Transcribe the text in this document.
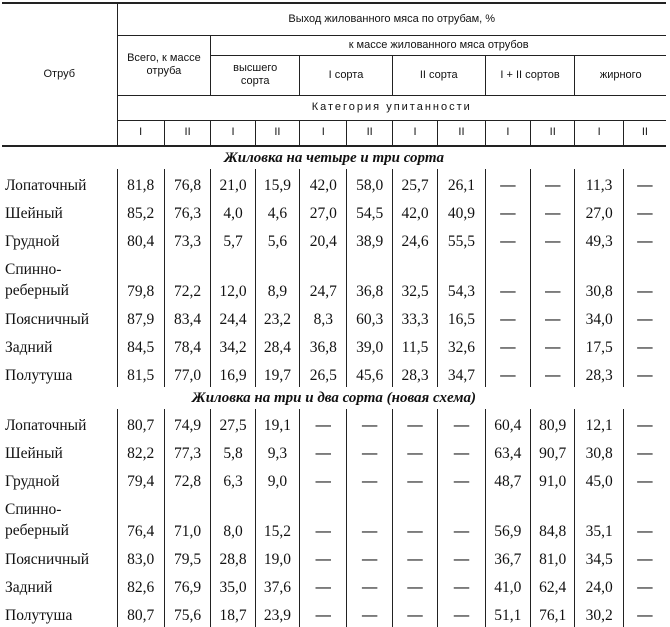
Отруб	Выход жилованного мяса по отрубам, %											
	Всего, к массе отруба		к массе жилованного мяса отрубов									
			высшего сорта		I сорта		II сорта		I + II сортов		жирного	
	Категория упитанности											
	I	II	I	II	I	II	I	II	I	II	I	II
Жиловка на четыре и три сорта												
Лопаточный	81,8	76,8	21,0	15,9	42,0	58,0	25,7	26,1	—	—	11,3	—
Шейный	85,2	76,3	4,0	4,6	27,0	54,5	42,0	40,9	—	—	27,0	—
Грудной	80,4	73,3	5,7	5,6	20,4	38,9	24,6	55,5	—	—	49,3	—
Спинно-реберный	79,8	72,2	12,0	8,9	24,7	36,8	32,5	54,3	—	—	30,8	—
Поясничный	87,9	83,4	24,4	23,2	8,3	60,3	33,3	16,5	—	—	34,0	—
Задний	84,5	78,4	34,2	28,4	36,8	39,0	11,5	32,6	—	—	17,5	—
Полутуша	81,5	77,0	16,9	19,7	26,5	45,6	28,3	34,7	—	—	28,3	—
Жиловка на три и два сорта (новая схема)												
Лопаточный	80,7	74,9	27,5	19,1	—	—	—	—	60,4	80,9	12,1	—
Шейный	82,2	77,3	5,8	9,3	—	—	—	—	63,4	90,7	30,8	—
Грудной	79,4	72,8	6,3	9,0	—	—	—	—	48,7	91,0	45,0	—
Спинно-реберный	76,4	71,0	8,0	15,2	—	—	—	—	56,9	84,8	35,1	—
Поясничный	83,0	79,5	28,8	19,0	—	—	—	—	36,7	81,0	34,5	—
Задний	82,6	76,9	35,0	37,6	—	—	—	—	41,0	62,4	24,0	—
Полутуша	80,7	75,6	18,7	23,9	—	—	—	—	51,1	76,1	30,2	—
